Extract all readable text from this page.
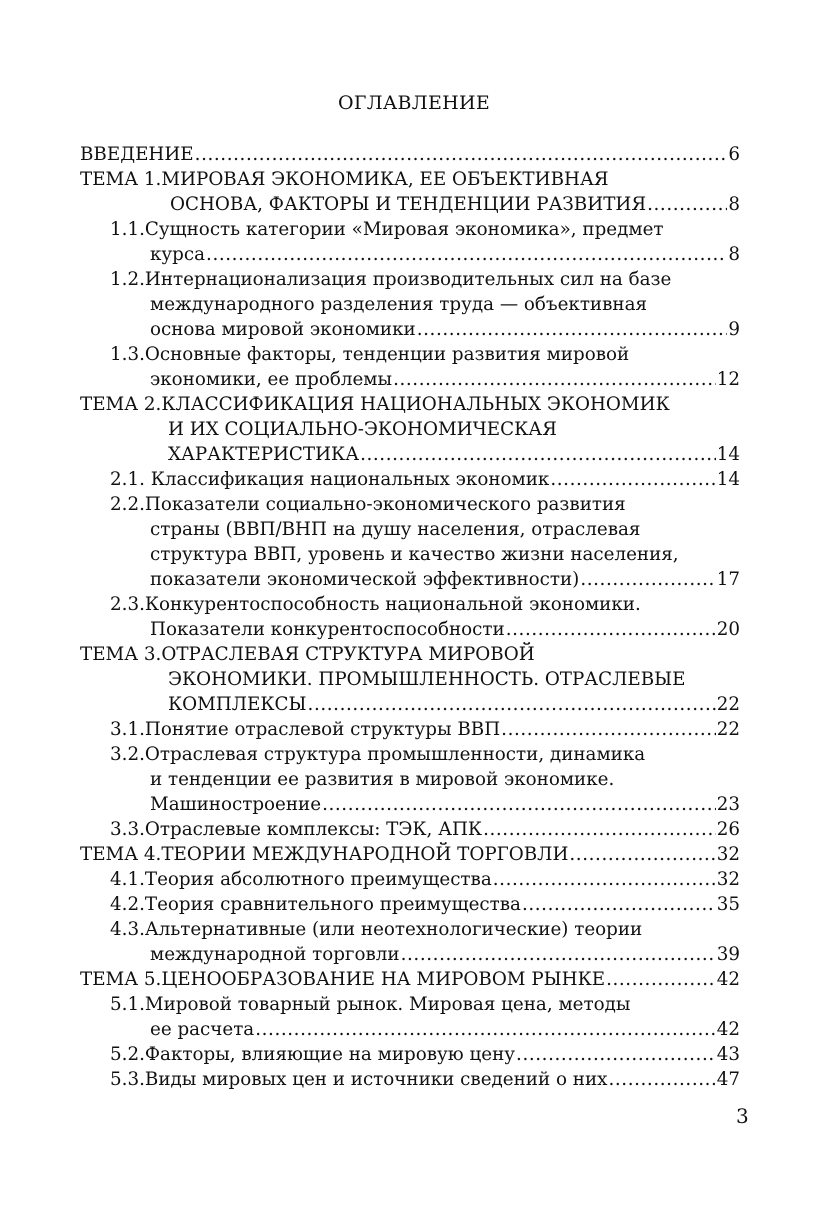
ОГЛАВЛЕНИЕ
ВВЕДЕНИЕ .....	6
ТЕМА 1.МИРОВАЯ ЭКОНОМИКА, ЕЕ ОБЪЕКТИВНАЯ
ОСНОВА, ФАКТОРЫ И ТЕНДЕНЦИИ РАЗВИТИЯ .....	8
1.1.Сущность категории «Мировая экономика», предмет
курса .....	8
1.2.Интернационализация производительных сил на базе
международного разделения труда — объективная
основа мировой экономики .....	9
1.3.Основные факторы, тенденции развития мировой
экономики, ее проблемы .....	12
ТЕМА 2.КЛАССИФИКАЦИЯ НАЦИОНАЛЬНЫХ ЭКОНОМИК
И ИХ СОЦИАЛЬНО-ЭКОНОМИЧЕСКАЯ
ХАРАКТЕРИСТИКА .....	14
2.1. Классификация национальных экономик .....	14
2.2.Показатели социально-экономического развития
страны (ВВП/ВНП на душу населения, отраслевая
структура ВВП, уровень и качество жизни населения,
показатели экономической эффективности) .....	17
2.3.Конкурентоспособность национальной экономики.
Показатели конкурентоспособности .....	20
ТЕМА 3.ОТРАСЛЕВАЯ СТРУКТУРА МИРОВОЙ
ЭКОНОМИКИ. ПРОМЫШЛЕННОСТЬ. ОТРАСЛЕВЫЕ
КОМПЛЕКСЫ .....	22
3.1.Понятие отраслевой структуры ВВП .....	22
3.2.Отраслевая структура промышленности, динамика
и тенденции ее развития в мировой экономике.
Машиностроение .....	23
3.3.Отраслевые комплексы: ТЭК, АПК .....	26
ТЕМА 4.ТЕОРИИ МЕЖДУНАРОДНОЙ ТОРГОВЛИ .....	32
4.1.Теория абсолютного преимущества .....	32
4.2.Теория сравнительного преимущества .....	35
4.3.Альтернативные (или неотехнологические) теории
международной торговли .....	39
ТЕМА 5.ЦЕНООБРАЗОВАНИЕ НА МИРОВОМ РЫНКЕ .....	42
5.1.Мировой товарный рынок. Мировая цена, методы
ее расчета .....	42
5.2.Факторы, влияющие на мировую цену .....	43
5.3.Виды мировых цен и источники сведений о них .....	47
3
